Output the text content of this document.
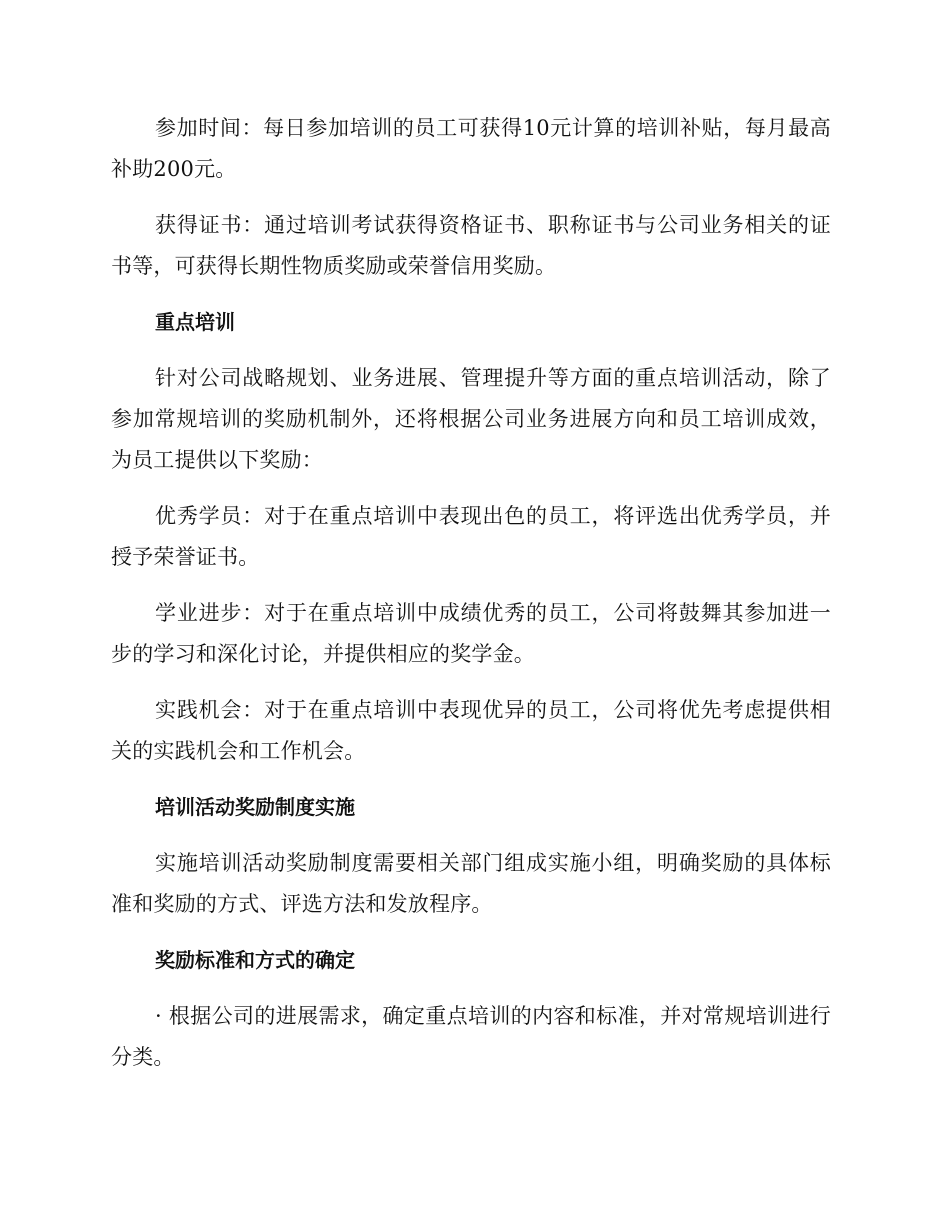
参加时间：每日参加培训的员工可获得10元计算的培训补贴，每月最高补助200元。

获得证书：通过培训考试获得资格证书、职称证书与公司业务相关的证书等，可获得长期性物质奖励或荣誉信用奖励。

重点培训

针对公司战略规划、业务进展、管理提升等方面的重点培训活动，除了参加常规培训的奖励机制外，还将根据公司业务进展方向和员工培训成效，为员工提供以下奖励：

优秀学员：对于在重点培训中表现出色的员工，将评选出优秀学员，并授予荣誉证书。

学业进步：对于在重点培训中成绩优秀的员工，公司将鼓舞其参加进一步的学习和深化讨论，并提供相应的奖学金。

实践机会：对于在重点培训中表现优异的员工，公司将优先考虑提供相关的实践机会和工作机会。

培训活动奖励制度实施

实施培训活动奖励制度需要相关部门组成实施小组，明确奖励的具体标准和奖励的方式、评选方法和发放程序。

奖励标准和方式的确定

· 根据公司的进展需求，确定重点培训的内容和标准，并对常规培训进行分类。
